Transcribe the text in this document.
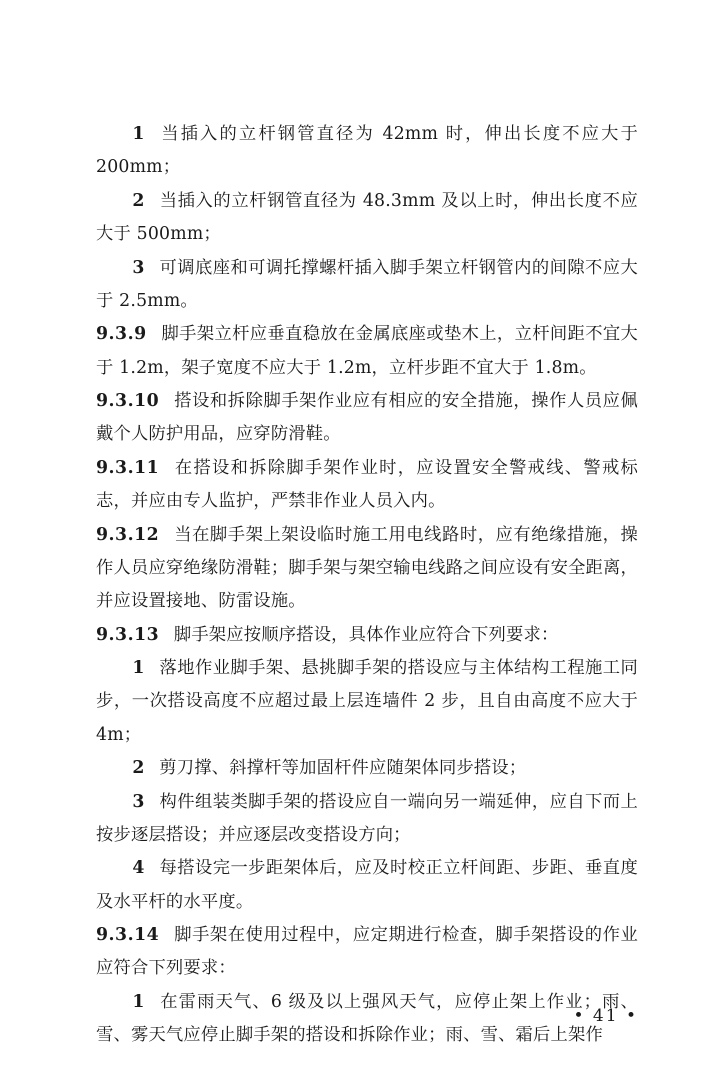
1 当插入的立杆钢管直径为 42mm 时，伸出长度不应大于 200mm；

2 当插入的立杆钢管直径为 48.3mm 及以上时，伸出长度不应大于 500mm；

3 可调底座和可调托撑螺杆插入脚手架立杆钢管内的间隙不应大于 2.5mm。

9.3.9 脚手架立杆应垂直稳放在金属底座或垫木上，立杆间距不宜大于 1.2m，架子宽度不应大于 1.2m，立杆步距不宜大于 1.8m。

9.3.10 搭设和拆除脚手架作业应有相应的安全措施，操作人员应佩戴个人防护用品，应穿防滑鞋。

9.3.11 在搭设和拆除脚手架作业时，应设置安全警戒线、警戒标志，并应由专人监护，严禁非作业人员入内。

9.3.12 当在脚手架上架设临时施工用电线路时，应有绝缘措施，操作人员应穿绝缘防滑鞋；脚手架与架空输电线路之间应设有安全距离，并应设置接地、防雷设施。

9.3.13 脚手架应按顺序搭设，具体作业应符合下列要求：

1 落地作业脚手架、悬挑脚手架的搭设应与主体结构工程施工同步，一次搭设高度不应超过最上层连墙件 2 步，且自由高度不应大于 4m；

2 剪刀撑、斜撑杆等加固杆件应随架体同步搭设；

3 构件组装类脚手架的搭设应自一端向另一端延伸，应自下而上按步逐层搭设；并应逐层改变搭设方向；

4 每搭设完一步距架体后，应及时校正立杆间距、步距、垂直度及水平杆的水平度。

9.3.14 脚手架在使用过程中，应定期进行检查，脚手架搭设的作业应符合下列要求：

1 在雷雨天气、6 级及以上强风天气，应停止架上作业；雨、雪、雾天气应停止脚手架的搭设和拆除作业；雨、雪、霜后上架作

• 41 •
